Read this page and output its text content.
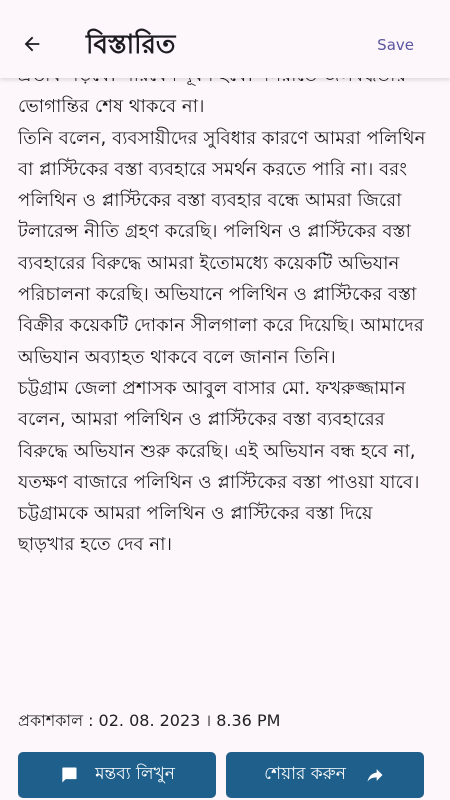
বিস্তারিত	Save

ভোগান্তির শেষ থাকবে না।

তিনি বলেন, ব্যবসায়ীদের সুবিধার কারণে আমরা পলিথিন বা প্লাস্টিকের বস্তা ব্যবহারে সমর্থন করতে পারি না। বরং পলিথিন ও প্লাস্টিকের বস্তা ব্যবহার বন্ধে আমরা জিরো টলারেন্স নীতি গ্রহণ করেছি। পলিথিন ও প্লাস্টিকের বস্তা ব্যবহারের বিরুদ্ধে আমরা ইতোমধ্যে কয়েকটি অভিযান পরিচালনা করেছি। অভিযানে পলিথিন ও প্লাস্টিকের বস্তা বিক্রীর কয়েকটি দোকান সীলগালা করে দিয়েছি। আমাদের অভিযান অব্যাহত থাকবে বলে জানান তিনি।

চট্টগ্রাম জেলা প্রশাসক আবুল বাসার মো. ফখরুজ্জামান বলেন, আমরা পলিথিন ও প্লাস্টিকের বস্তা ব্যবহারের বিরুদ্ধে অভিযান শুরু করেছি। এই অভিযান বন্ধ হবে না, যতক্ষণ বাজারে পলিথিন ও প্লাস্টিকের বস্তা পাওয়া যাবে। চট্টগ্রামকে আমরা পলিথিন ও প্লাস্টিকের বস্তা দিয়ে ছাড়খার হতে দেব না।

প্রকাশকাল : 02. 08. 2023 । 8.36 PM
মন্তব্য লিখুন	শেয়ার করুন
